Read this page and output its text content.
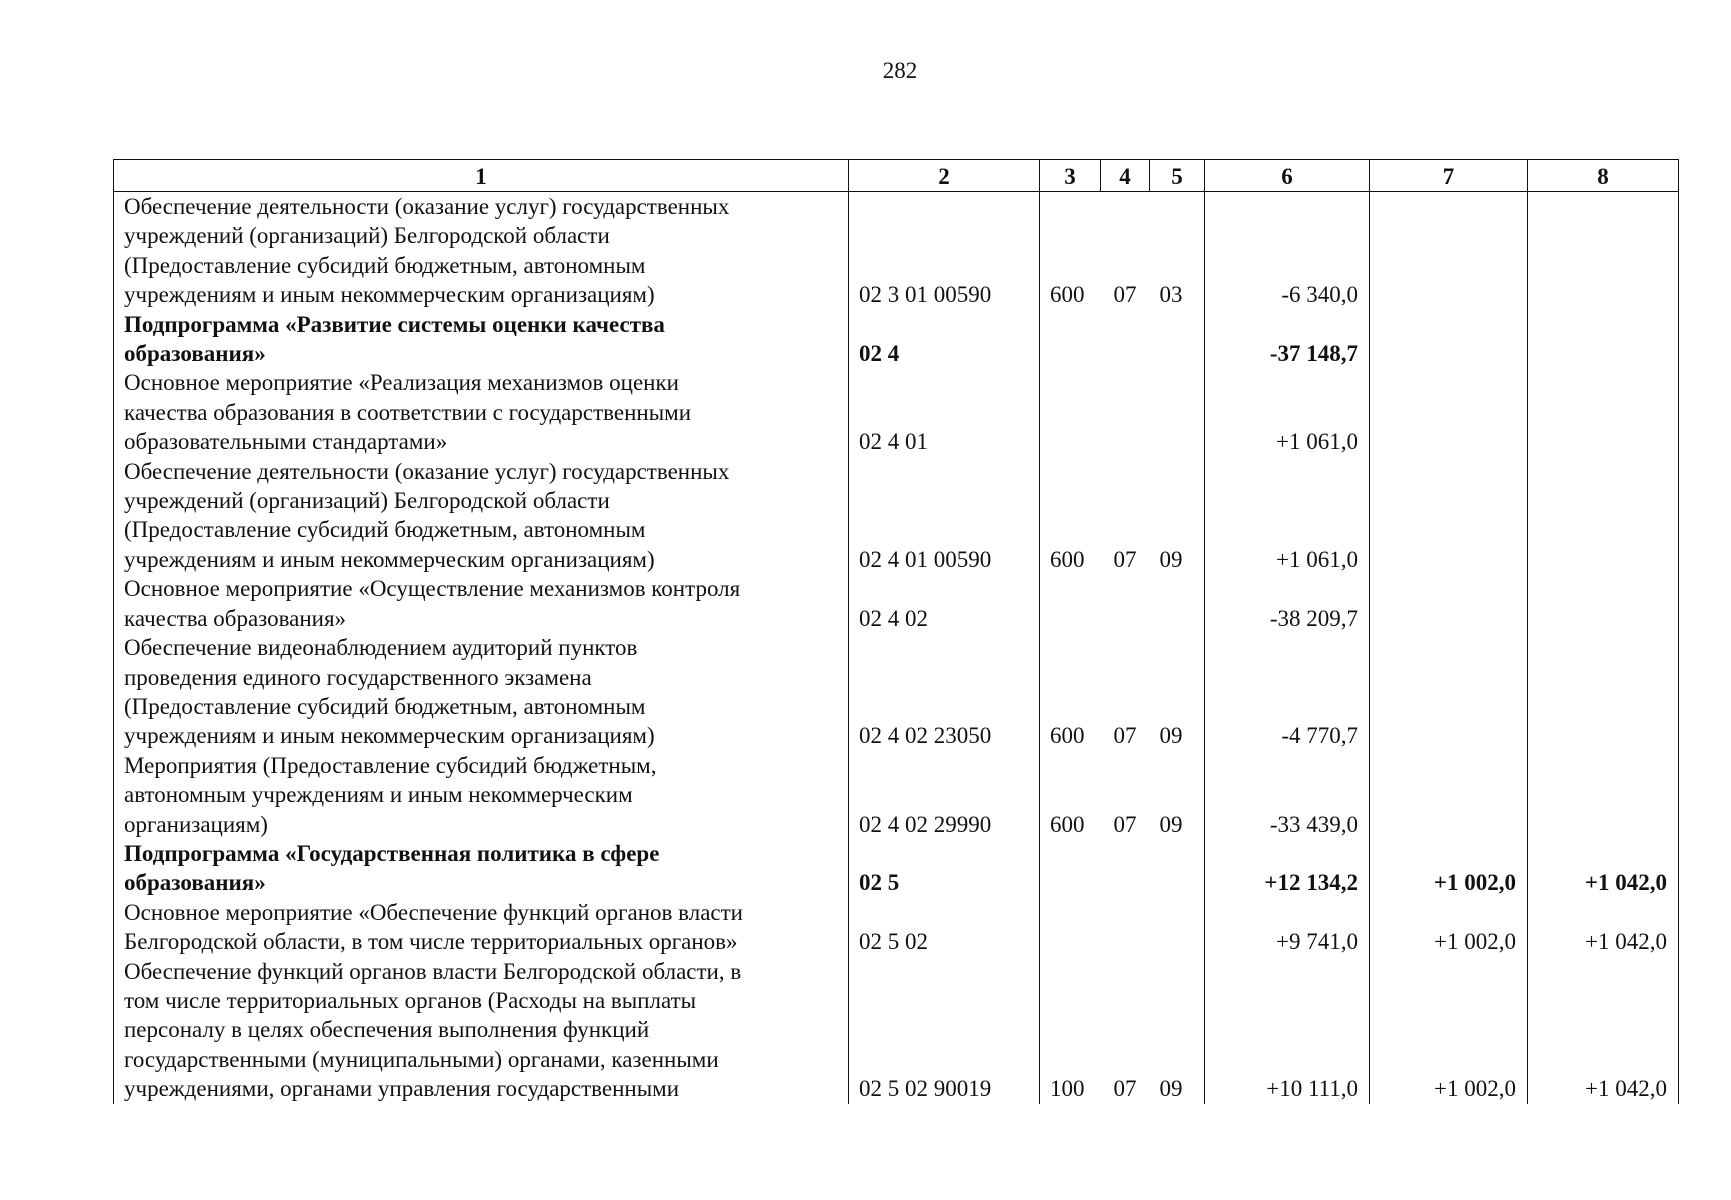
282
1	2	3	4	5	6	7	8
Обеспечение деятельности (оказание услуг) государственных
учреждений (организаций) Белгородской области
(Предоставление субсидий бюджетным, автономным
учреждениям и иным некоммерческим организациям)	02 3 01 00590	600	07	03	-6 340,0		
Подпрограмма «Развитие системы оценки качества
образования»	02 4				-37 148,7		
Основное мероприятие «Реализация механизмов оценки
качества образования в соответствии с государственными
образовательными стандартами»	02 4 01				+1 061,0		
Обеспечение деятельности (оказание услуг) государственных
учреждений (организаций) Белгородской области
(Предоставление субсидий бюджетным, автономным
учреждениям и иным некоммерческим организациям)	02 4 01 00590	600	07	09	+1 061,0		
Основное мероприятие «Осуществление механизмов контроля
качества образования»	02 4 02				-38 209,7		
Обеспечение видеонаблюдением аудиторий пунктов
проведения единого государственного экзамена
(Предоставление субсидий бюджетным, автономным
учреждениям и иным некоммерческим организациям)	02 4 02 23050	600	07	09	-4 770,7		
Мероприятия (Предоставление субсидий бюджетным,
автономным учреждениям и иным некоммерческим
организациям)	02 4 02 29990	600	07	09	-33 439,0		
Подпрограмма «Государственная политика в сфере
образования»	02 5				+12 134,2	+1 002,0	+1 042,0
Основное мероприятие «Обеспечение функций органов власти
Белгородской области, в том числе территориальных органов»	02 5 02				+9 741,0	+1 002,0	+1 042,0
Обеспечение функций органов власти Белгородской области, в
том числе территориальных органов (Расходы на выплаты
персоналу в целях обеспечения выполнения функций
государственными (муниципальными) органами, казенными
учреждениями, органами управления государственными	02 5 02 90019	100	07	09	+10 111,0	+1 002,0	+1 042,0
